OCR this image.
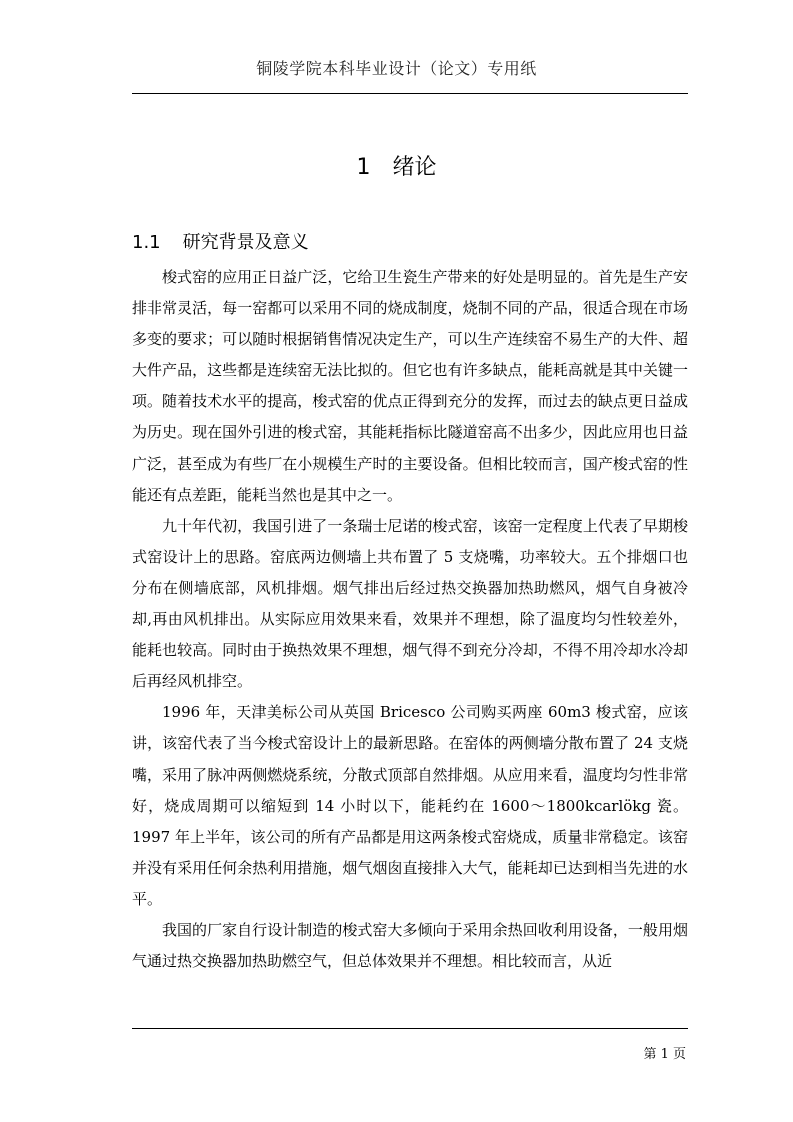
铜陵学院本科毕业设计（论文）专用纸
1 绪论
1.1 研究背景及意义

梭式窑的应用正日益广泛，它给卫生瓷生产带来的好处是明显的。首先是生产安排非常灵活，每一窑都可以采用不同的烧成制度，烧制不同的产品，很适合现在市场多变的要求；可以随时根据销售情况决定生产，可以生产连续窑不易生产的大件、超大件产品，这些都是连续窑无法比拟的。但它也有许多缺点，能耗高就是其中关键一项。随着技术水平的提高，梭式窑的优点正得到充分的发挥，而过去的缺点更日益成为历史。现在国外引进的梭式窑，其能耗指标比隧道窑高不出多少，因此应用也日益广泛，甚至成为有些厂在小规模生产时的主要设备。但相比较而言，国产梭式窑的性能还有点差距，能耗当然也是其中之一。

九十年代初，我国引进了一条瑞士尼诺的梭式窑，该窑一定程度上代表了早期梭式窑设计上的思路。窑底两边侧墙上共布置了 5 支烧嘴，功率较大。五个排烟口也分布在侧墙底部，风机排烟。烟气排出后经过热交换器加热助燃风，烟气自身被冷却,再由风机排出。从实际应用效果来看，效果并不理想，除了温度均匀性较差外，能耗也较高。同时由于换热效果不理想，烟气得不到充分冷却，不得不用冷却水冷却后再经风机排空。

1996 年，天津美标公司从英国 Bricesco 公司购买两座 60m3 梭式窑，应该讲，该窑代表了当今梭式窑设计上的最新思路。在窑体的两侧墙分散布置了 24 支烧嘴，采用了脉冲两侧燃烧系统，分散式顶部自然排烟。从应用来看，温度均匀性非常好，烧成周期可以缩短到 14 小时以下，能耗约在 1600～1800kcarlökg 瓷。1997 年上半年，该公司的所有产品都是用这两条梭式窑烧成，质量非常稳定。该窑并没有采用任何余热利用措施，烟气烟囱直接排入大气，能耗却已达到相当先进的水平。

我国的厂家自行设计制造的梭式窑大多倾向于采用余热回收利用设备，一般用烟气通过热交换器加热助燃空气，但总体效果并不理想。相比较而言，从近

第 1 页
